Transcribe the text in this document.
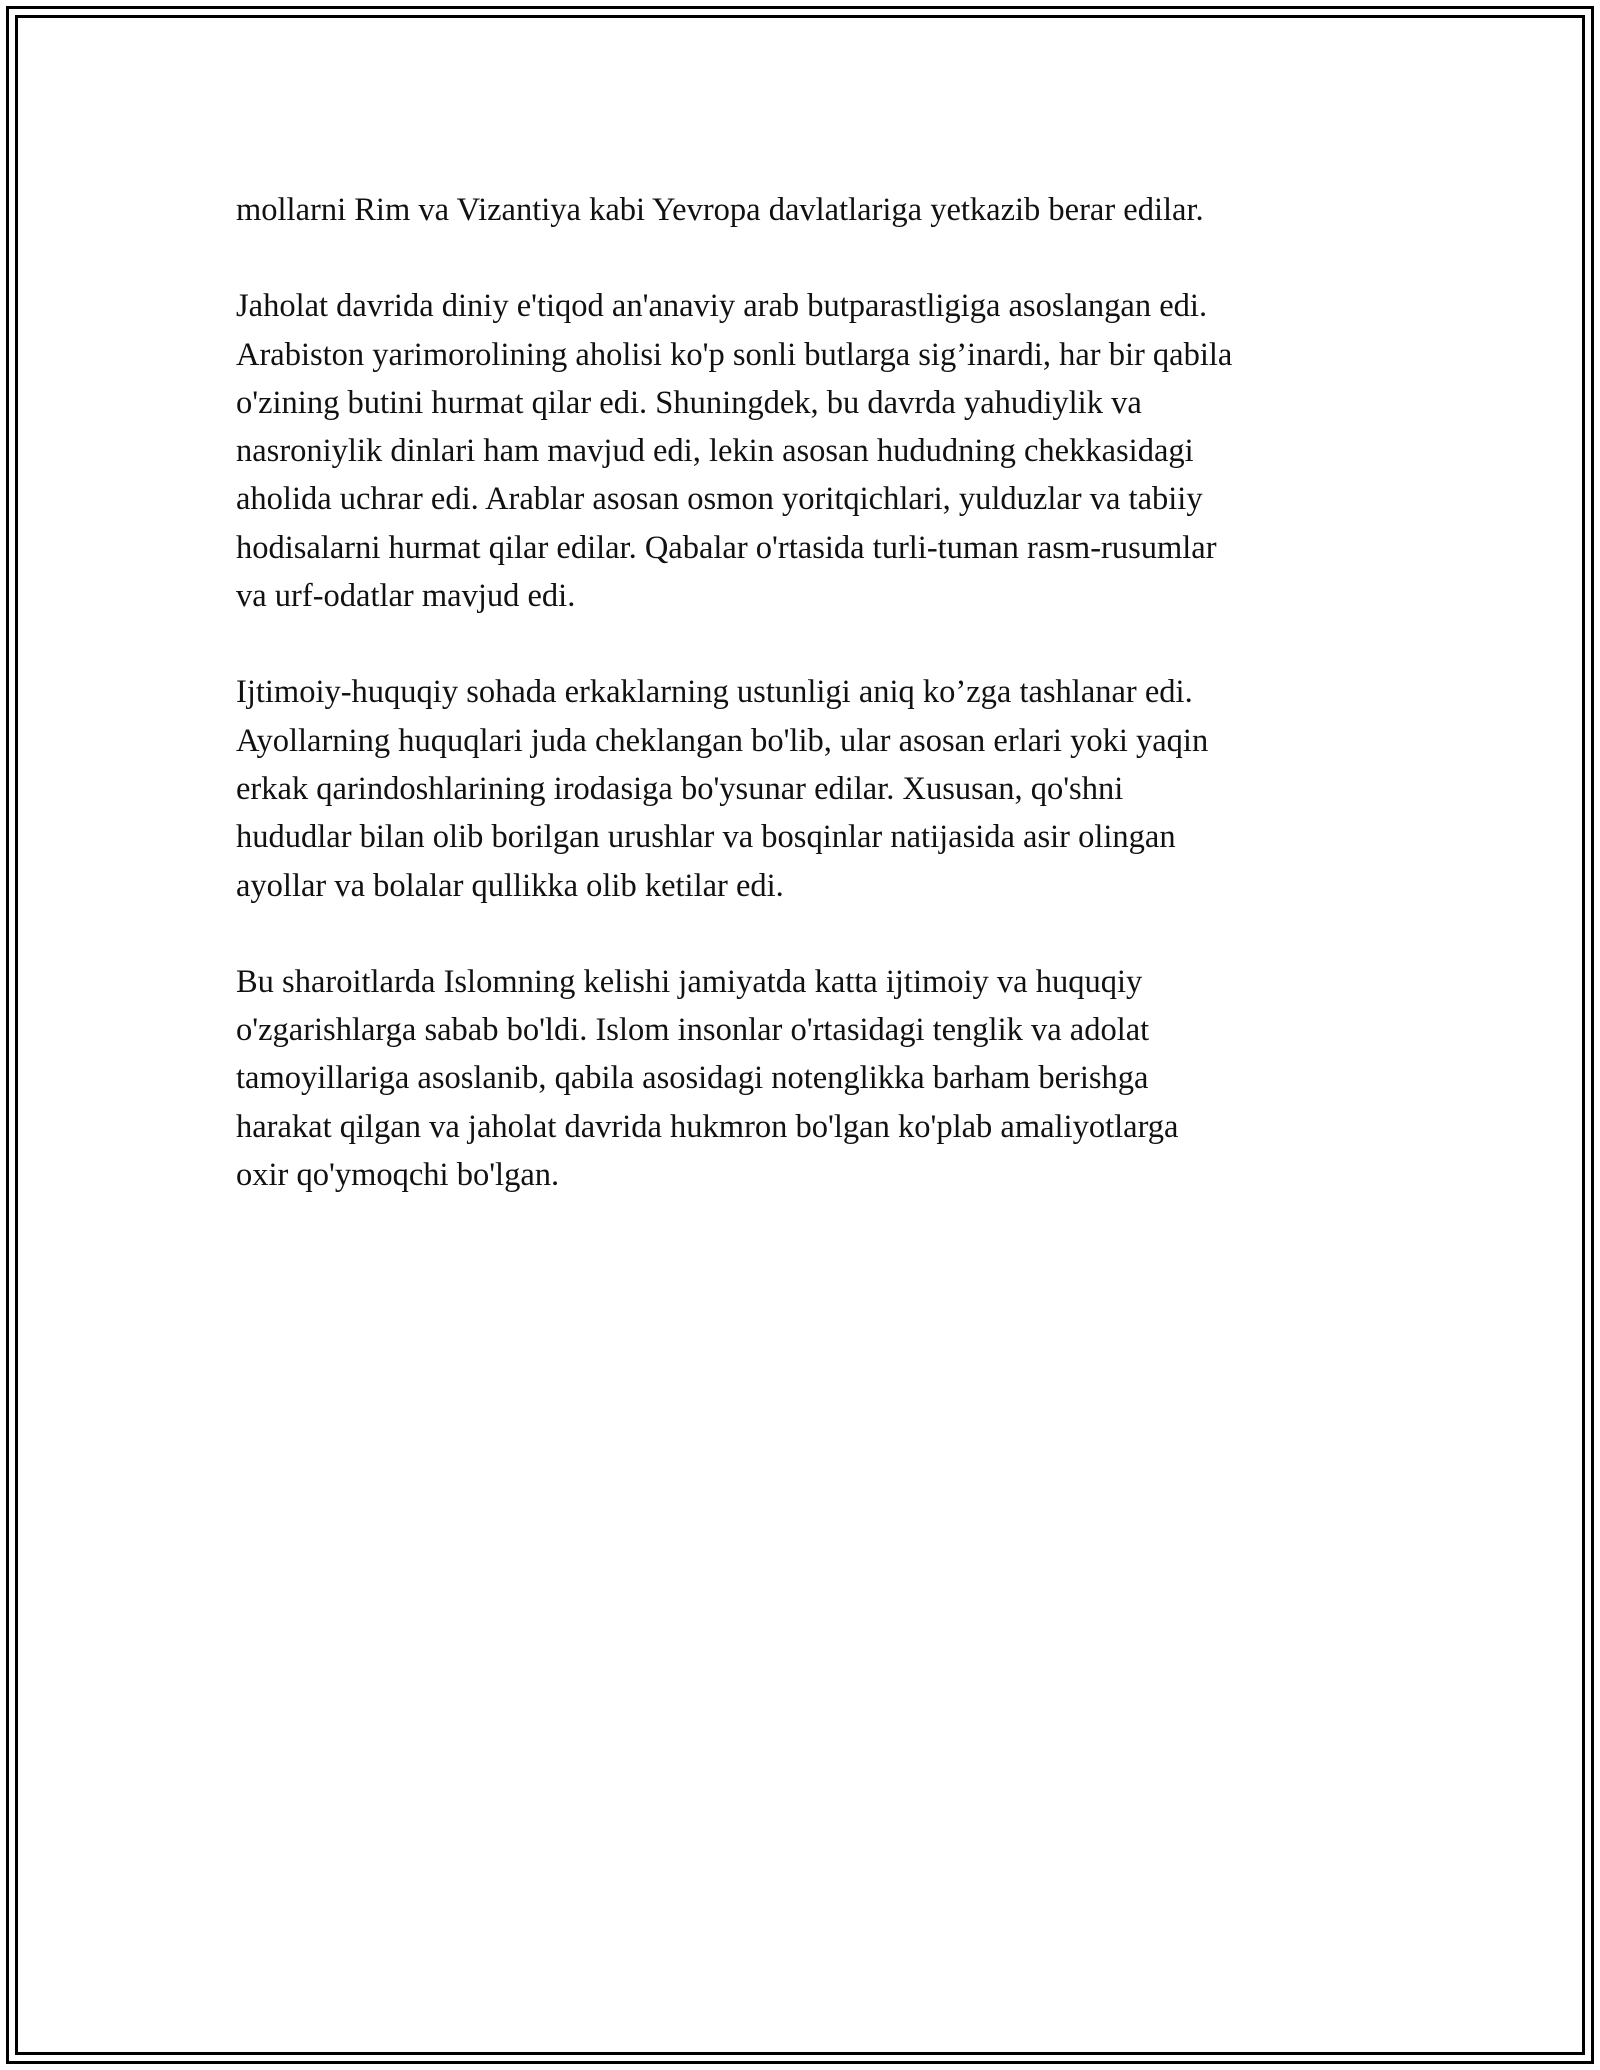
mollarni Rim va Vizantiya kabi Yevropa davlatlariga yetkazib berar edilar.

Jaholat davrida diniy e'tiqod an'anaviy arab butparastligiga asoslangan edi.
Arabiston yarimorolining aholisi ko'p sonli butlarga sig’inardi, har bir qabila
o'zining butini hurmat qilar edi. Shuningdek, bu davrda yahudiylik va
nasroniylik dinlari ham mavjud edi, lekin asosan hududning chekkasidagi
aholida uchrar edi. Arablar asosan osmon yoritqichlari, yulduzlar va tabiiy
hodisalarni hurmat qilar edilar. Qabalar o'rtasida turli-tuman rasm-rusumlar
va urf-odatlar mavjud edi.

Ijtimoiy-huquqiy sohada erkaklarning ustunligi aniq ko’zga tashlanar edi.
Ayollarning huquqlari juda cheklangan bo'lib, ular asosan erlari yoki yaqin
erkak qarindoshlarining irodasiga bo'ysunar edilar. Xususan, qo'shni
hududlar bilan olib borilgan urushlar va bosqinlar natijasida asir olingan
ayollar va bolalar qullikka olib ketilar edi.

Bu sharoitlarda Islomning kelishi jamiyatda katta ijtimoiy va huquqiy
o'zgarishlarga sabab bo'ldi. Islom insonlar o'rtasidagi tenglik va adolat
tamoyillariga asoslanib, qabila asosidagi notenglikka barham berishga
harakat qilgan va jaholat davrida hukmron bo'lgan ko'plab amaliyotlarga
oxir qo'ymoqchi bo'lgan.
